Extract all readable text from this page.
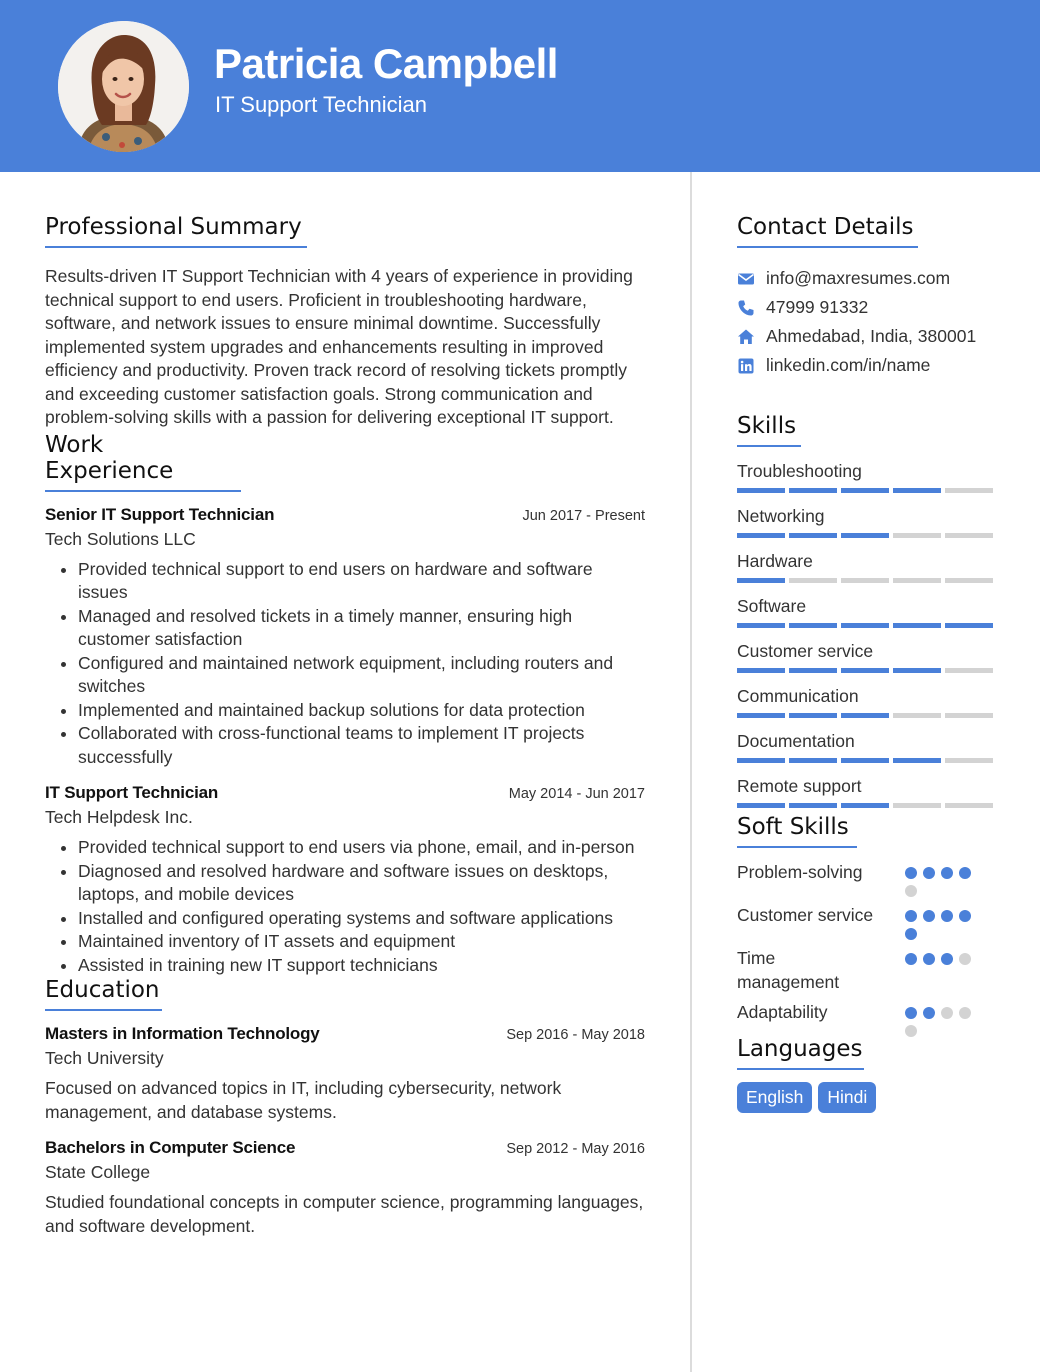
Patricia Campbell
IT Support Technician
Professional Summary

Results-driven IT Support Technician with 4 years of experience in providing technical support to end users. Proficient in troubleshooting hardware, software, and network issues to ensure minimal downtime. Successfully implemented system upgrades and enhancements resulting in improved efficiency and productivity. Proven track record of resolving tickets promptly and exceeding customer satisfaction goals. Strong communication and problem-solving skills with a passion for delivering exceptional IT support.

Work Experience
Senior IT Support Technician	Jun 2017 - Present
Tech Solutions LLC
• Provided technical support to end users on hardware and software issues
• Managed and resolved tickets in a timely manner, ensuring high customer satisfaction
• Configured and maintained network equipment, including routers and switches
• Implemented and maintained backup solutions for data protection
• Collaborated with cross-functional teams to implement IT projects successfully
IT Support Technician	May 2014 - Jun 2017
Tech Helpdesk Inc.
• Provided technical support to end users via phone, email, and in-person
• Diagnosed and resolved hardware and software issues on desktops, laptops, and mobile devices
• Installed and configured operating systems and software applications
• Maintained inventory of IT assets and equipment
• Assisted in training new IT support technicians
Education
Masters in Information Technology	Sep 2016 - May 2018
Tech University

Focused on advanced topics in IT, including cybersecurity, network management, and database systems.

Bachelors in Computer Science	Sep 2012 - May 2016
State College

Studied foundational concepts in computer science, programming languages, and software development.

Contact Details
info@maxresumes.com
47999 91332
Ahmedabad, India, 380001
linkedin.com/in/name
Skills
Troubleshooting
Networking
Hardware
Software
Customer service
Communication
Documentation
Remote support
Soft Skills
Problem-solving
Customer service
Time management
Adaptability
Languages
English	Hindi
